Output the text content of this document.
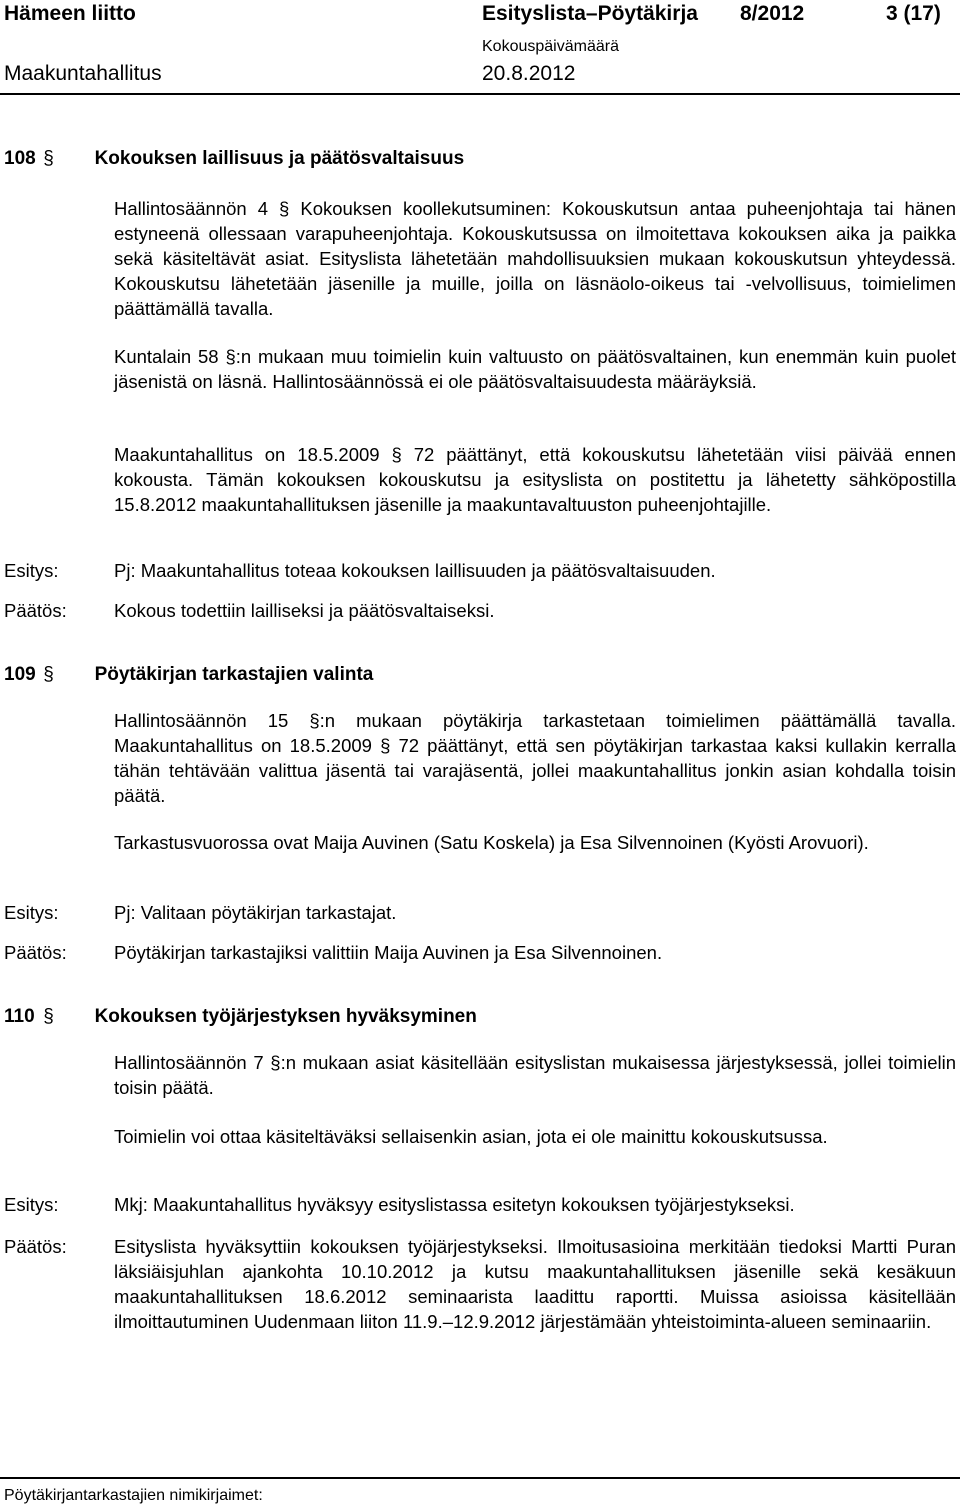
Hämeen liitto	Esityslista–Pöytäkirja 8/2012	3 (17)
Maakuntahallitus
Kokouspäivämäärä
20.8.2012
108 § Kokouksen laillisuus ja päätösvaltaisuus

Hallintosäännön 4 § Kokouksen koollekutsuminen: Kokouskutsun antaa puheenjohtaja tai hänen estyneenä ollessaan varapuheenjohtaja. Kokouskutsussa on ilmoitettava kokouksen aika ja paikka sekä käsiteltävät asiat. Esityslista lähetetään mahdollisuuksien mukaan kokouskutsun yhteydessä. Kokouskutsu lähetetään jäsenille ja muille, joilla on läsnäolo-oikeus tai -velvollisuus, toimielimen päättämällä tavalla.

Kuntalain 58 §:n mukaan muu toimielin kuin valtuusto on päätösvaltainen, kun enemmän kuin puolet jäsenistä on läsnä. Hallintosäännössä ei ole päätösvaltaisuudesta määräyksiä.

Maakuntahallitus on 18.5.2009 § 72 päättänyt, että kokouskutsu lähetetään viisi päivää ennen kokousta. Tämän kokouksen kokouskutsu ja esityslista on postitettu ja lähetetty sähköpostilla 15.8.2012 maakuntahallituksen jäsenille ja maakuntavaltuuston puheenjohtajille.

Esitys:	Pj: Maakuntahallitus toteaa kokouksen laillisuuden ja päätösvaltaisuuden.

Päätös:	Kokous todettiin lailliseksi ja päätösvaltaiseksi.

109 § Pöytäkirjan tarkastajien valinta

Hallintosäännön 15 §:n mukaan pöytäkirja tarkastetaan toimielimen päättämällä tavalla. Maakuntahallitus on 18.5.2009 § 72 päättänyt, että sen pöytäkirjan tarkastaa kaksi kullakin kerralla tähän tehtävään valittua jäsentä tai varajäsentä, jollei maakuntahallitus jonkin asian kohdalla toisin päätä.

Tarkastusvuorossa ovat Maija Auvinen (Satu Koskela) ja Esa Silvennoinen (Kyösti Arovuori).

Esitys:	Pj: Valitaan pöytäkirjan tarkastajat.

Päätös:	Pöytäkirjan tarkastajiksi valittiin Maija Auvinen ja Esa Silvennoinen.

110 § Kokouksen työjärjestyksen hyväksyminen

Hallintosäännön 7 §:n mukaan asiat käsitellään esityslistan mukaisessa järjestyksessä, jollei toimielin toisin päätä.

Toimielin voi ottaa käsiteltäväksi sellaisenkin asian, jota ei ole mainittu kokouskutsussa.

Esitys:	Mkj: Maakuntahallitus hyväksyy esityslistassa esitetyn kokouksen työjärjestykseksi.

Päätös:	Esityslista hyväksyttiin kokouksen työjärjestykseksi. Ilmoitusasioina merkitään tiedoksi Martti Puran läksiäisjuhlan ajankohta 10.10.2012 ja kutsu maakuntahallituksen jäsenille sekä kesäkuun maakuntahallituksen 18.6.2012 seminaarista laadittu raportti. Muissa asioissa käsitellään ilmoittautuminen Uudenmaan liiton 11.9.–12.9.2012 järjestämään yhteistoiminta-alueen seminaariin.

Pöytäkirjantarkastajien nimikirjaimet:
